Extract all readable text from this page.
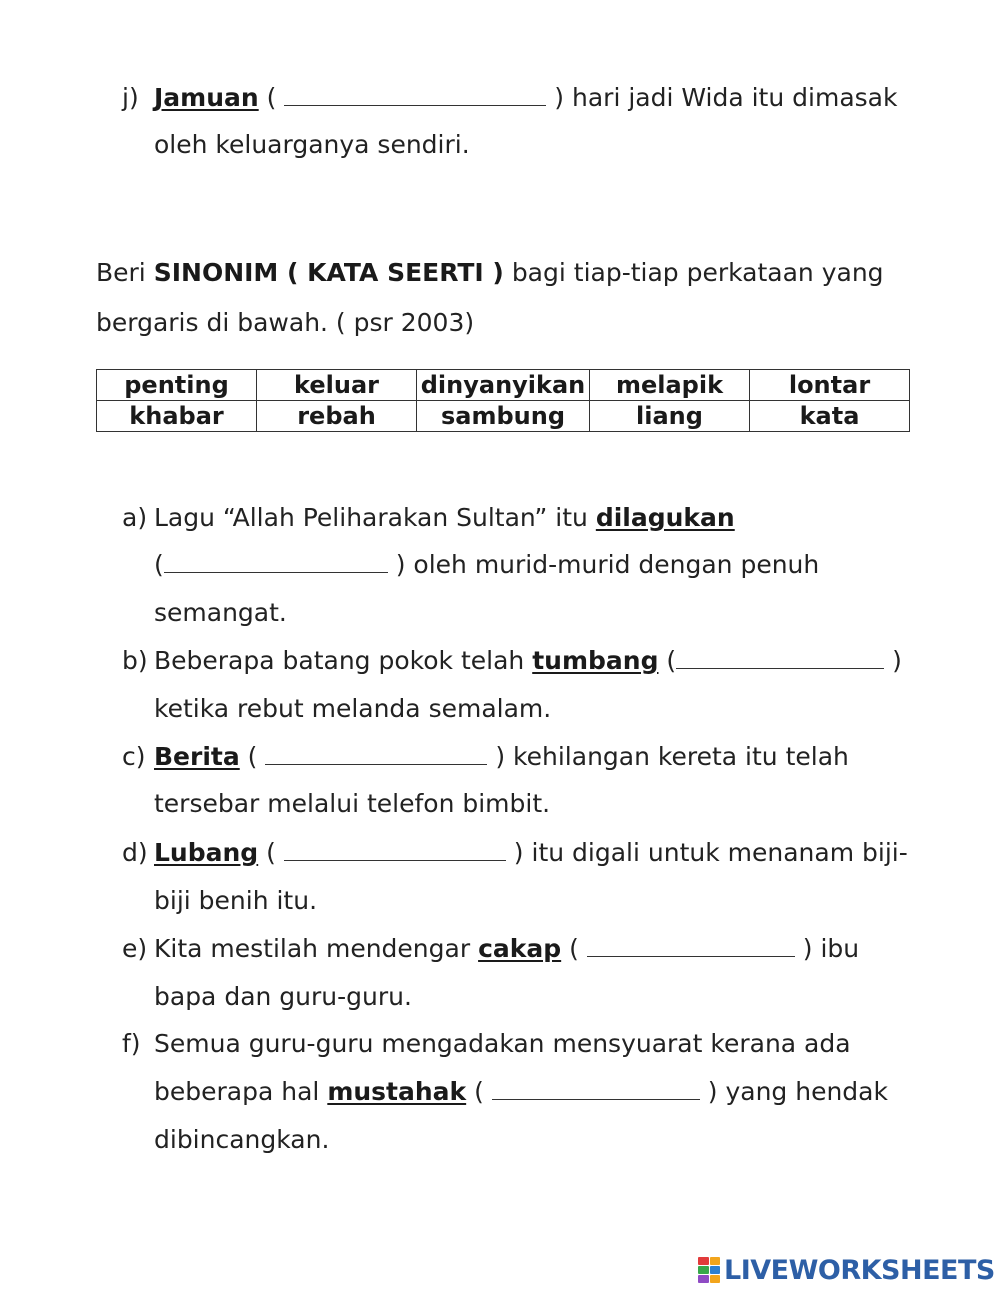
j) Jamuan (	) hari jadi Wida itu dimasak
oleh keluarganya sendiri.
Beri SINONIM ( KATA SEERTI ) bagi tiap-tiap perkataan yang
bergaris di bawah. ( psr 2003)
penting	keluar	dinyanyikan	melapik	lontar
khabar	rebah	sambung	liang	kata
a) Lagu “Allah Peliharakan Sultan” itu dilagukan
(	) oleh murid-murid dengan penuh
semangat.
b) Beberapa batang pokok telah tumbang (	)
ketika rebut melanda semalam.
c) Berita (	) kehilangan kereta itu telah
tersebar melalui telefon bimbit.
d) Lubang (	) itu digali untuk menanam biji-
biji benih itu.
e) Kita mestilah mendengar cakap (	) ibu
bapa dan guru-guru.
f) Semua guru-guru mengadakan mensyuarat kerana ada
beberapa hal mustahak (	) yang hendak
dibincangkan.
LIVEWORKSHEETS
